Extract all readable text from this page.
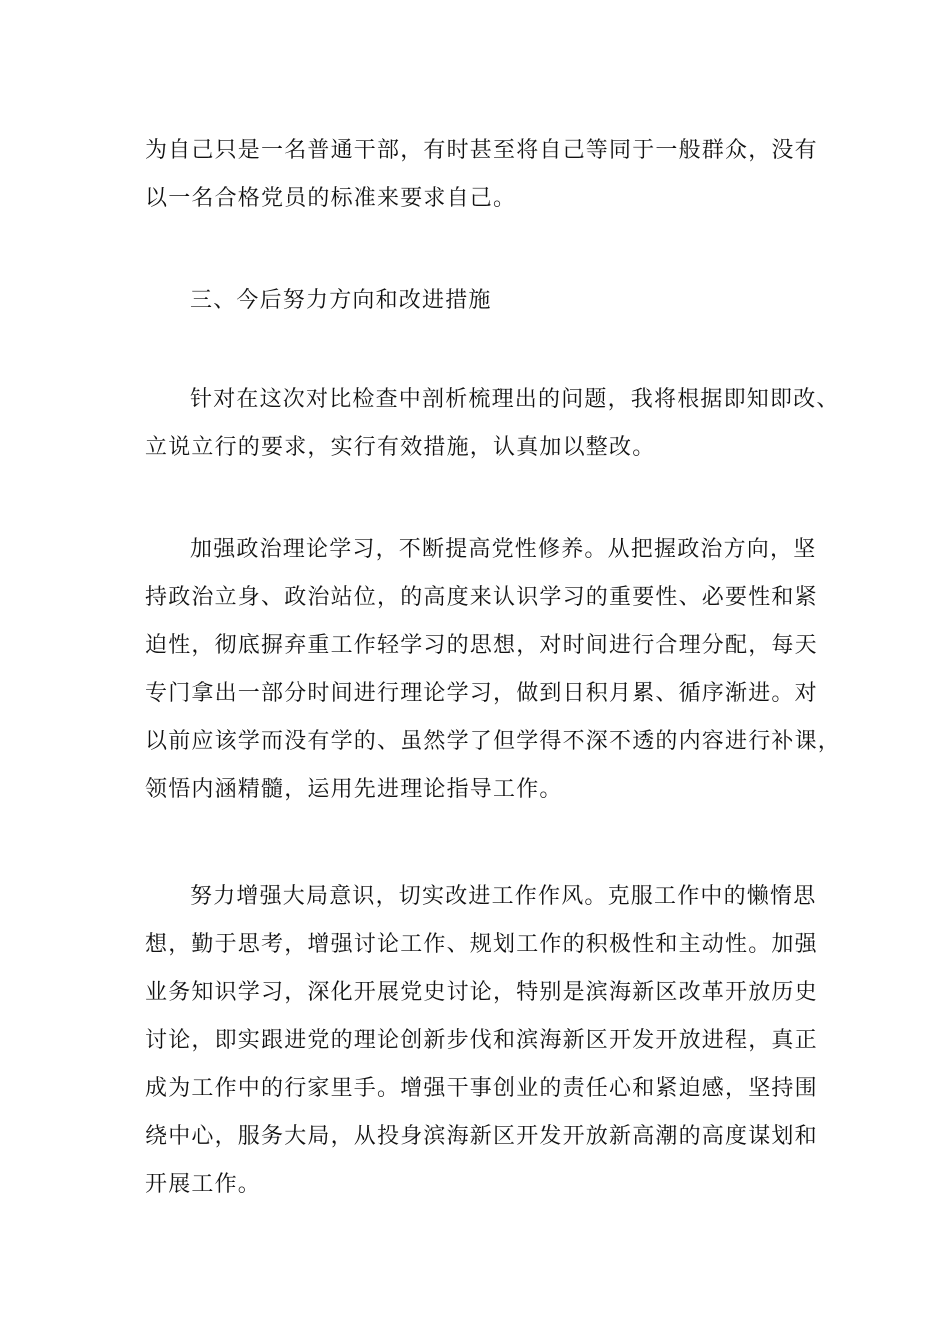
为自己只是一名普通干部，有时甚至将自己等同于一般群众，没有
以一名合格党员的标准来要求自己。
三、今后努力方向和改进措施
针对在这次对比检查中剖析梳理出的问题，我将根据即知即改、
立说立行的要求，实行有效措施，认真加以整改。
加强政治理论学习，不断提高党性修养。从把握政治方向，坚
持政治立身、政治站位，的高度来认识学习的重要性、必要性和紧
迫性，彻底摒弃重工作轻学习的思想，对时间进行合理分配，每天
专门拿出一部分时间进行理论学习，做到日积月累、循序渐进。对
以前应该学而没有学的、虽然学了但学得不深不透的内容进行补课，
领悟内涵精髓，运用先进理论指导工作。
努力增强大局意识，切实改进工作作风。克服工作中的懒惰思
想，勤于思考，增强讨论工作、规划工作的积极性和主动性。加强
业务知识学习，深化开展党史讨论，特别是滨海新区改革开放历史
讨论，即实跟进党的理论创新步伐和滨海新区开发开放进程，真正
成为工作中的行家里手。增强干事创业的责任心和紧迫感，坚持围
绕中心，服务大局，从投身滨海新区开发开放新高潮的高度谋划和
开展工作。
